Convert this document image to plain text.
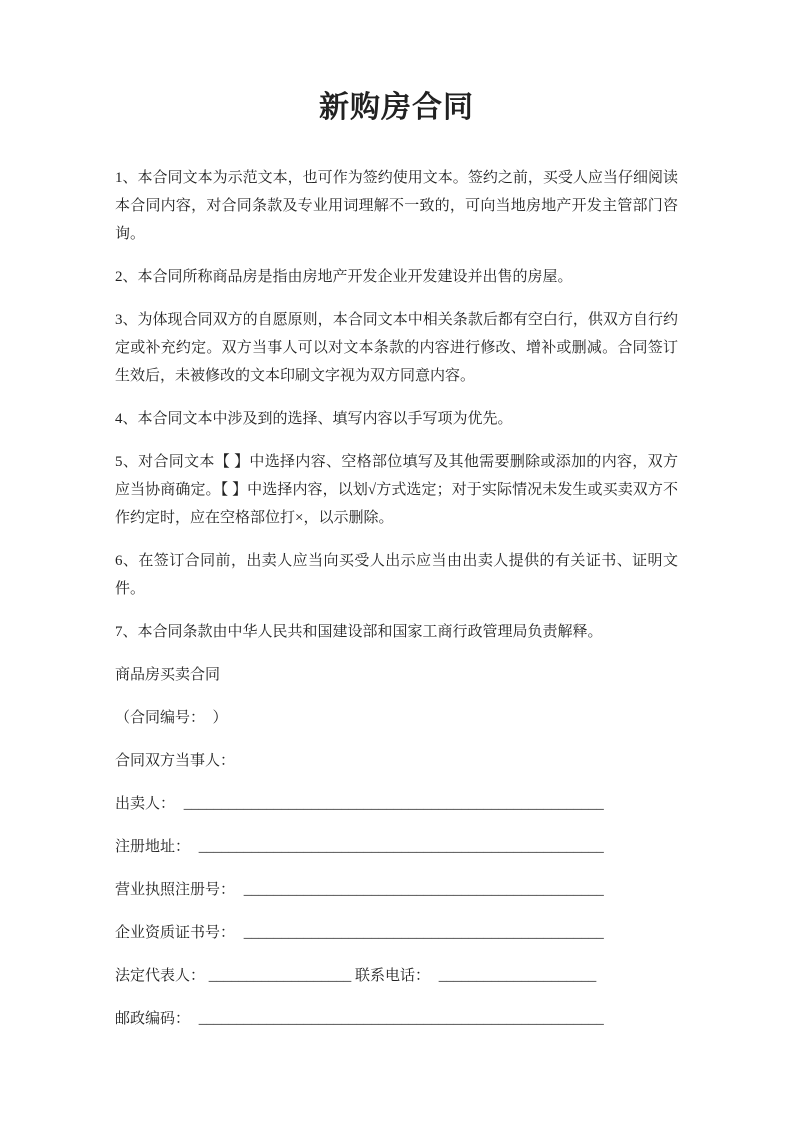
新购房合同

1、本合同文本为示范文本，也可作为签约使用文本。签约之前，买受人应当仔细阅读本合同内容，对合同条款及专业用词理解不一致的，可向当地房地产开发主管部门咨询。

2、本合同所称商品房是指由房地产开发企业开发建设并出售的房屋。

3、为体现合同双方的自愿原则，本合同文本中相关条款后都有空白行，供双方自行约定或补充约定。双方当事人可以对文本条款的内容进行修改、增补或删减。合同签订生效后，未被修改的文本印刷文字视为双方同意内容。

4、本合同文本中涉及到的选择、填写内容以手写项为优先。

5、对合同文本【 】中选择内容、空格部位填写及其他需要删除或添加的内容，双方应当协商确定。【 】中选择内容，以划√方式选定；对于实际情况未发生或买卖双方不作约定时，应在空格部位打×，以示删除。

6、在签订合同前，出卖人应当向买受人出示应当由出卖人提供的有关证书、证明文件。

7、本合同条款由中华人民共和国建设部和国家工商行政管理局负责解释。

商品房买卖合同

（合同编号：  ）

合同双方当事人：

出卖人： ________________________________________________________

注册地址： ______________________________________________________

营业执照注册号： ________________________________________________

企业资质证书号： ________________________________________________

法定代表人： ___________________ 联系电话： _____________________

邮政编码： ______________________________________________________
